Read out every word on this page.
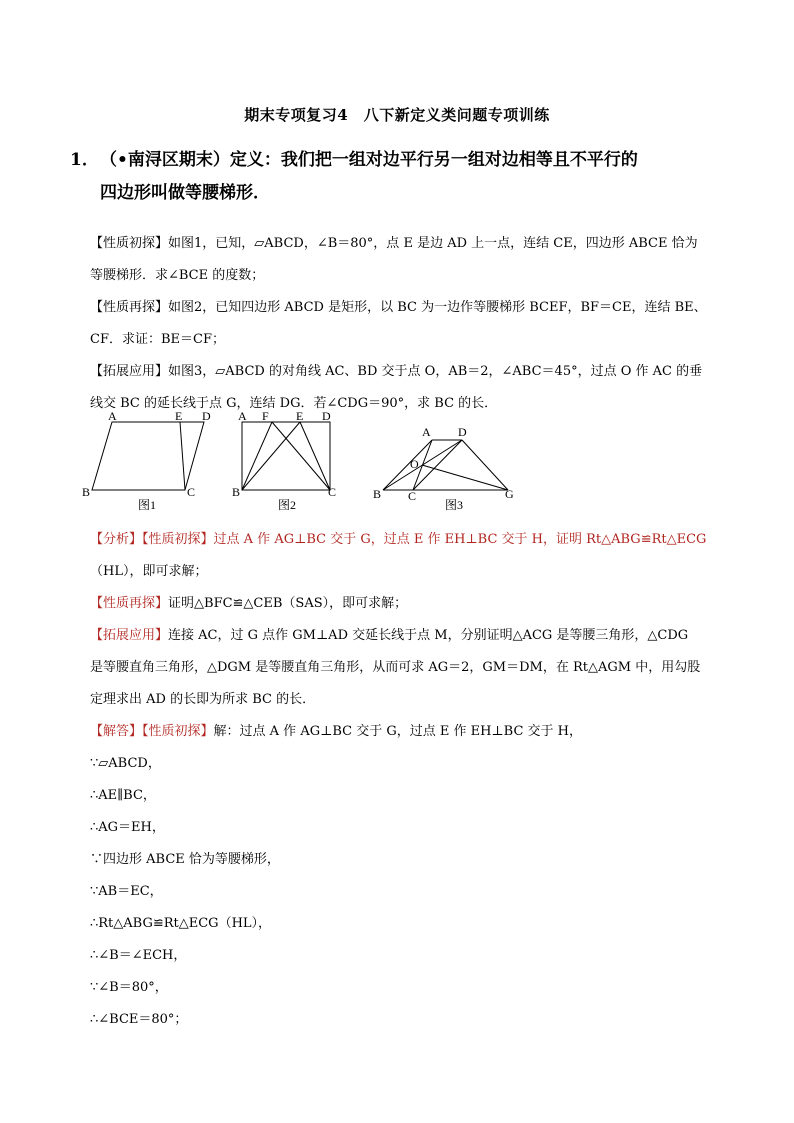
期末专项复习4　八下新定义类问题专项训练
1． （•南浔区期末）定义：我们把一组对边平行另一组对边相等且不平行的
四边形叫做等腰梯形．
【性质初探】如图1，已知，▱ABCD，∠B＝80°，点 E 是边 AD 上一点，连结 CE，四边形 ABCE 恰为
等腰梯形．求∠BCE 的度数；
【性质再探】如图2，已知四边形 ABCD 是矩形，以 BC 为一边作等腰梯形 BCEF，BF＝CE，连结 BE、
CF．求证：BE＝CF；
【拓展应用】如图3，▱ABCD 的对角线 AC、BD 交于点 O，AB＝2，∠ABC＝45°，过点 O 作 AC 的垂
线交 BC 的延长线于点 G，连结 DG．若∠CDG＝90°，求 BC 的长．
A	E D
B	C
图1
A F E D
B	C
图2
A D
O
B C	G
图3
【分析】【性质初探】过点 A 作 AG⊥BC 交于 G，过点 E 作 EH⊥BC 交于 H，证明 Rt△ABG≌Rt△ECG
（HL），即可求解；
【性质再探】证明△BFC≌△CEB（SAS），即可求解；
【拓展应用】连接 AC，过 G 点作 GM⊥AD 交延长线于点 M，分别证明△ACG 是等腰三角形，△CDG
是等腰直角三角形，△DGM 是等腰直角三角形，从而可求 AG＝2，GM＝DM，在 Rt△AGM 中，用勾股
定理求出 AD 的长即为所求 BC 的长．
【解答】【性质初探】解：过点 A 作 AG⊥BC 交于 G，过点 E 作 EH⊥BC 交于 H，
∵▱ABCD，
∴AE∥BC，
∴AG＝EH，
∵四边形 ABCE 恰为等腰梯形，
∵AB＝EC，
∴Rt△ABG≌Rt△ECG（HL），
∴∠B＝∠ECH，
∵∠B＝80°，
∴∠BCE＝80°；
